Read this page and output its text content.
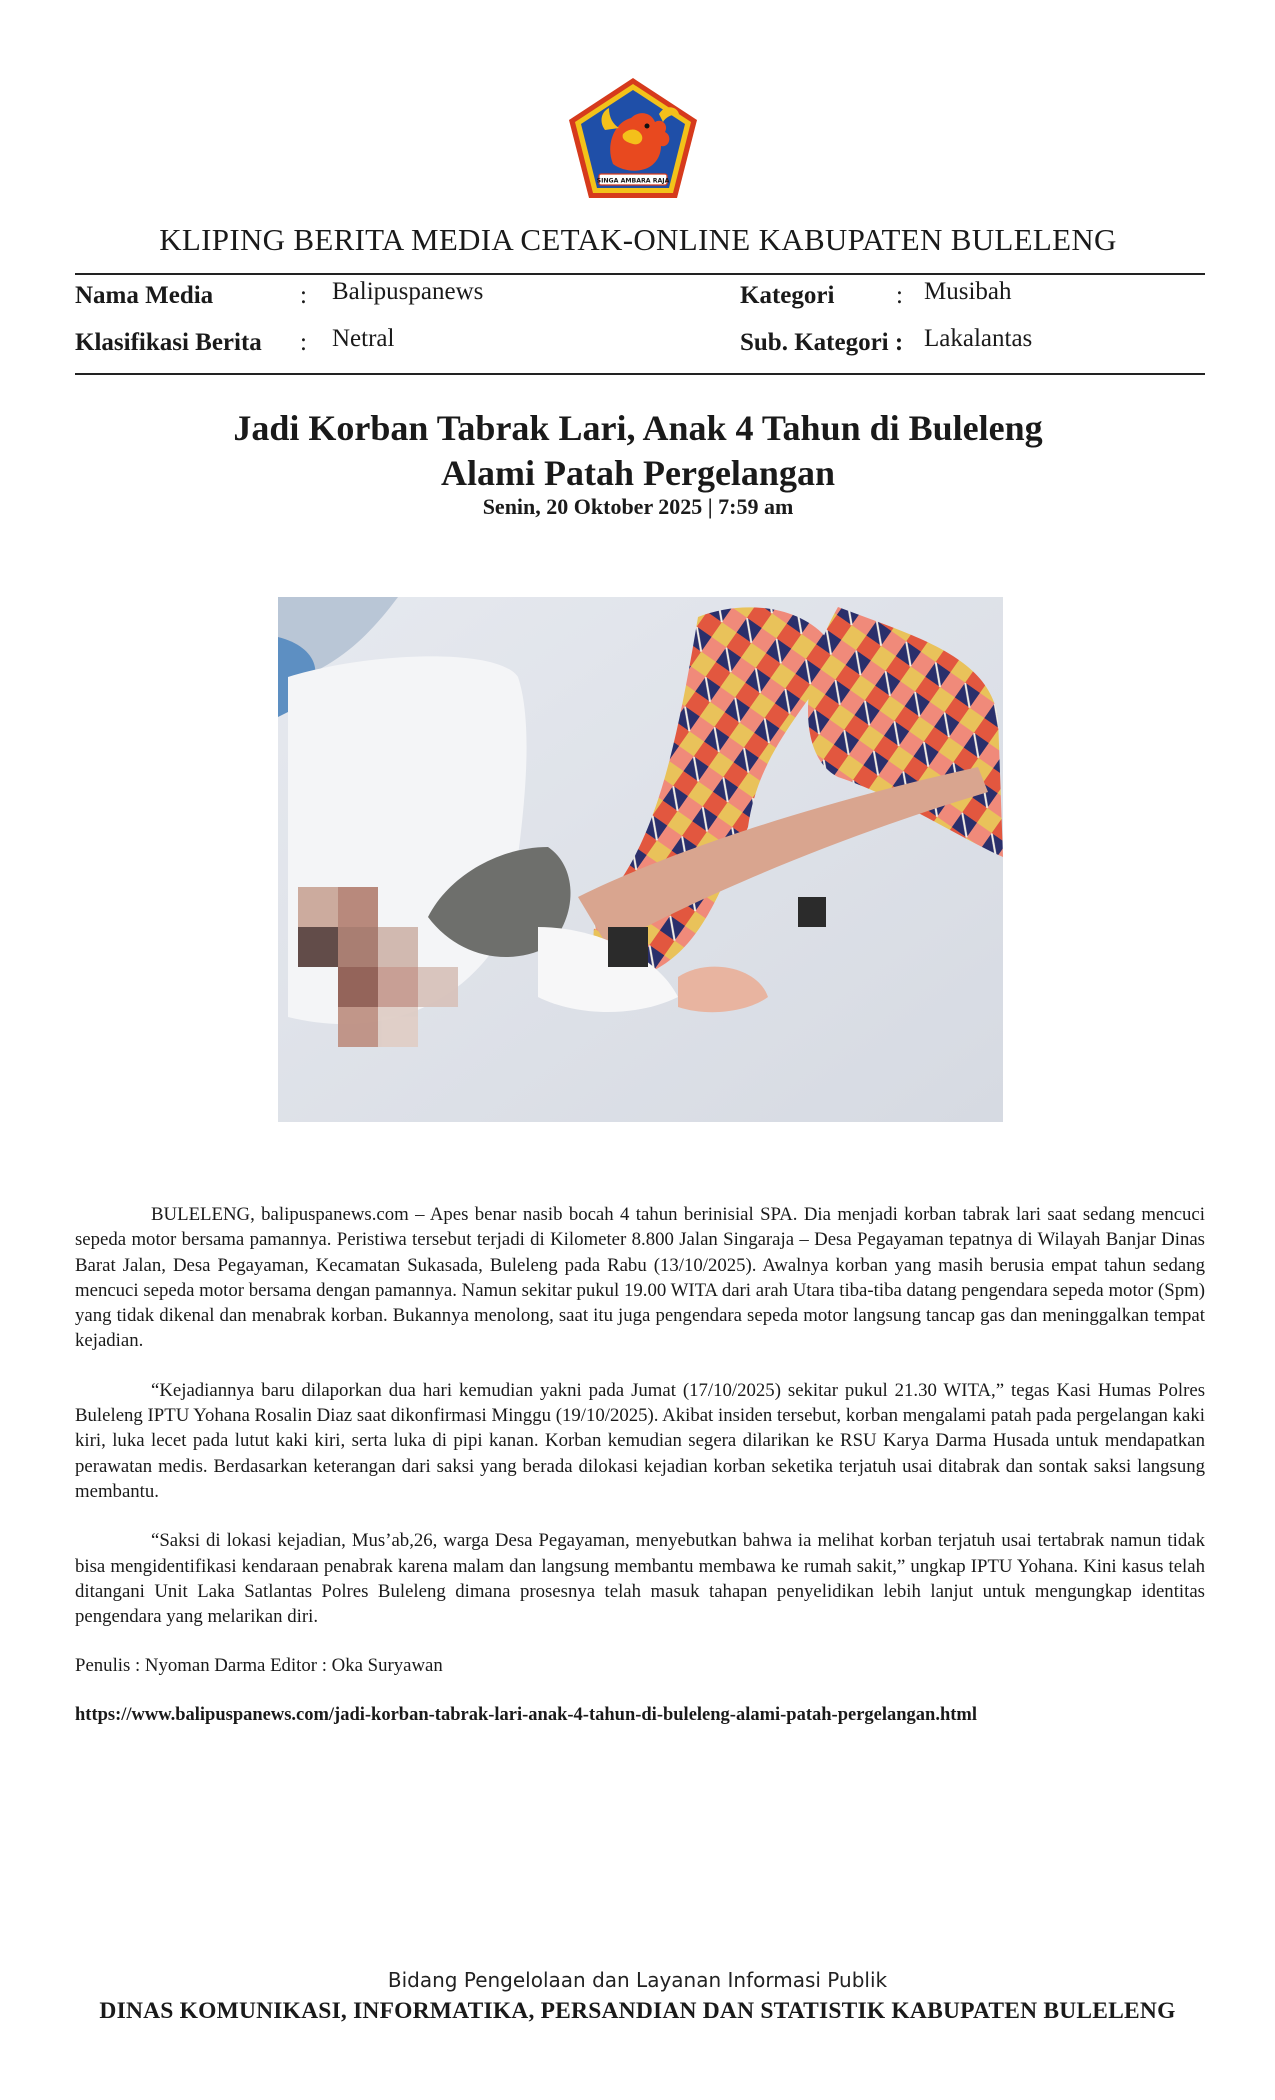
SINGA AMBARA RAJA
KLIPING BERITA MEDIA CETAK-ONLINE KABUPATEN BULELENG
Nama Media	: Balipuspanews	Kategori : Musibah
Klasifikasi Berita : Netral	Sub. Kategori : Lakalantas
Jadi Korban Tabrak Lari, Anak 4 Tahun di Buleleng
Alami Patah Pergelangan
Senin, 20 Oktober 2025 | 7:59 am

BULELENG, balipuspanews.com – Apes benar nasib bocah 4 tahun berinisial SPA. Dia menjadi korban tabrak lari saat sedang mencuci sepeda motor bersama pamannya. Peristiwa tersebut terjadi di Kilometer 8.800 Jalan Singaraja – Desa Pegayaman tepatnya di Wilayah Banjar Dinas Barat Jalan, Desa Pegayaman, Kecamatan Sukasada, Buleleng pada Rabu (13/10/2025). Awalnya korban yang masih berusia empat tahun sedang mencuci sepeda motor bersama dengan pamannya. Namun sekitar pukul 19.00 WITA dari arah Utara tiba-tiba datang pengendara sepeda motor (Spm) yang tidak dikenal dan menabrak korban. Bukannya menolong, saat itu juga pengendara sepeda motor langsung tancap gas dan meninggalkan tempat kejadian.

“Kejadiannya baru dilaporkan dua hari kemudian yakni pada Jumat (17/10/2025) sekitar pukul 21.30 WITA,” tegas Kasi Humas Polres Buleleng IPTU Yohana Rosalin Diaz saat dikonfirmasi Minggu (19/10/2025). Akibat insiden tersebut, korban mengalami patah pada pergelangan kaki kiri, luka lecet pada lutut kaki kiri, serta luka di pipi kanan. Korban kemudian segera dilarikan ke RSU Karya Darma Husada untuk mendapatkan perawatan medis. Berdasarkan keterangan dari saksi yang berada dilokasi kejadian korban seketika terjatuh usai ditabrak dan sontak saksi langsung membantu.

“Saksi di lokasi kejadian, Mus’ab,26, warga Desa Pegayaman, menyebutkan bahwa ia melihat korban terjatuh usai tertabrak namun tidak bisa mengidentifikasi kendaraan penabrak karena malam dan langsung membantu membawa ke rumah sakit,” ungkap IPTU Yohana. Kini kasus telah ditangani Unit Laka Satlantas Polres Buleleng dimana prosesnya telah masuk tahapan penyelidikan lebih lanjut untuk mengungkap identitas pengendara yang melarikan diri.

Penulis : Nyoman Darma Editor : Oka Suryawan
https://www.balipuspanews.com/jadi-korban-tabrak-lari-anak-4-tahun-di-buleleng-alami-patah-pergelangan.html
Bidang Pengelolaan dan Layanan Informasi Publik
DINAS KOMUNIKASI, INFORMATIKA, PERSANDIAN DAN STATISTIK KABUPATEN BULELENG
